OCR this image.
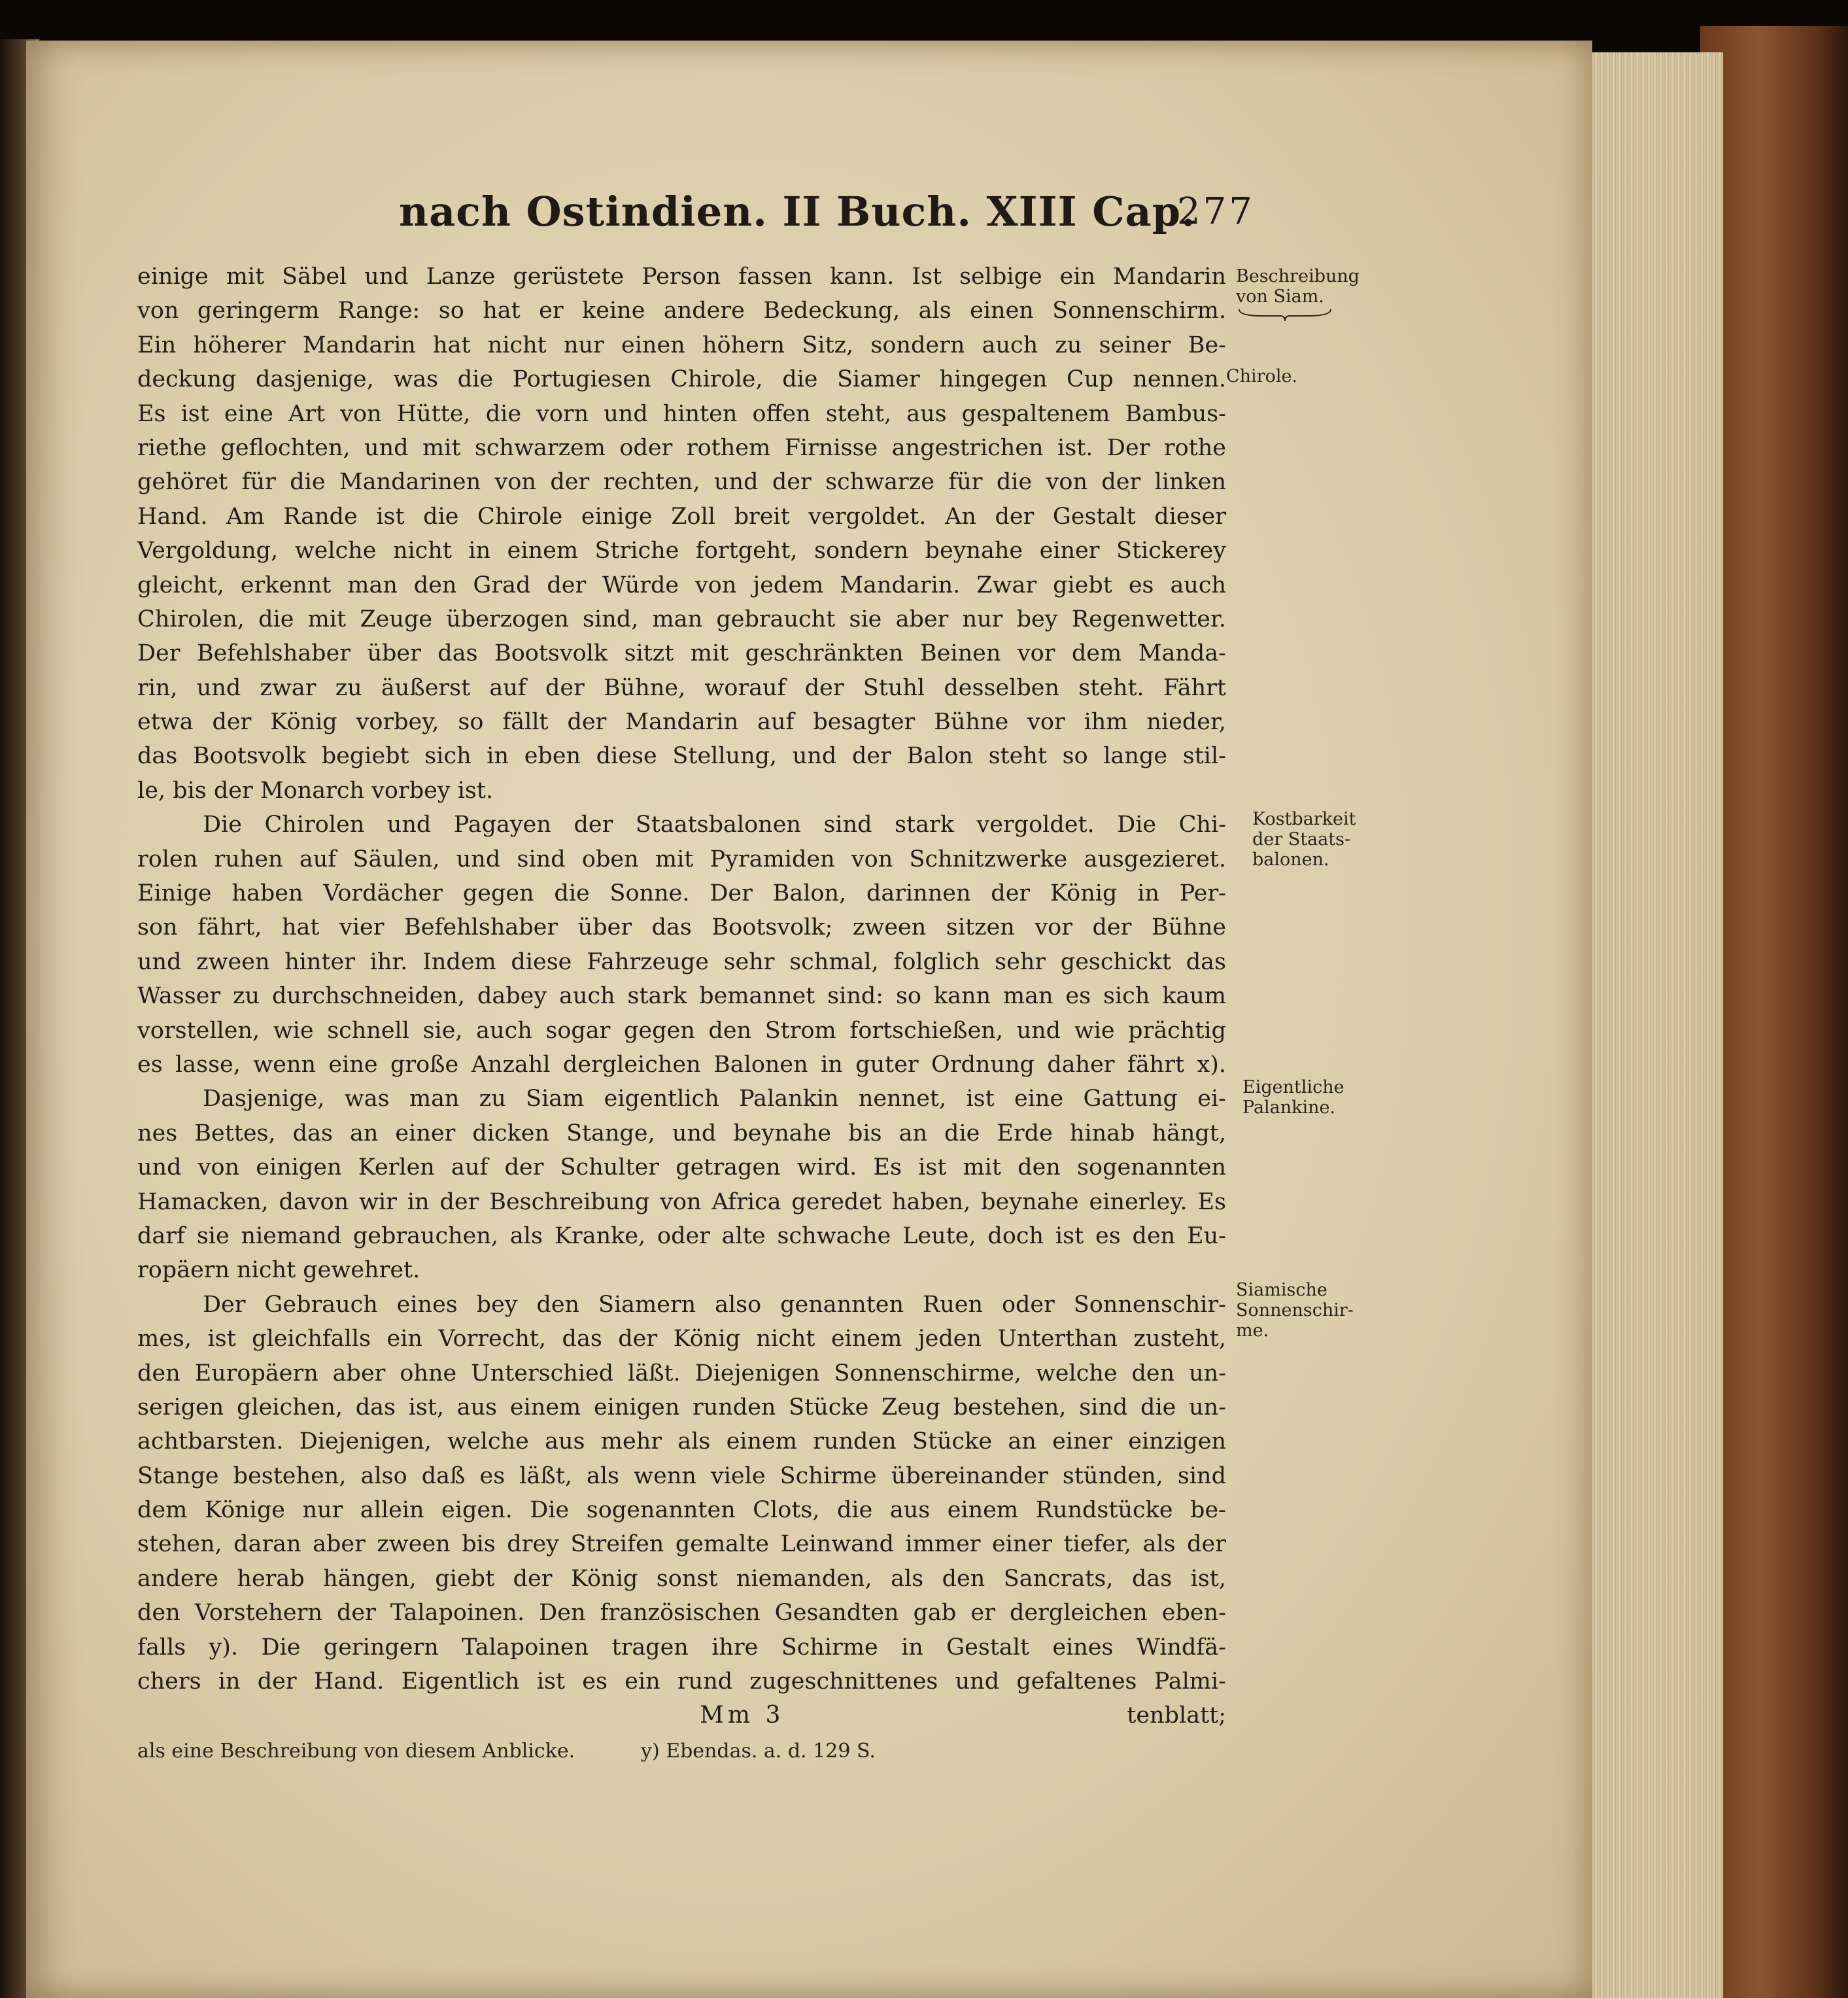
nach Ostindien. II Buch. XIII Cap.
277
einige mit Säbel und Lanze gerüstete Person fassen kann. Ist selbige ein Mandarin
von geringerm Range: so hat er keine andere Bedeckung, als einen Sonnenschirm.
Ein höherer Mandarin hat nicht nur einen höhern Sitz, sondern auch zu seiner Be-
deckung dasjenige, was die Portugiesen Chirole, die Siamer hingegen Cup nennen.
Es ist eine Art von Hütte, die vorn und hinten offen steht, aus gespaltenem Bambus-
riethe geflochten, und mit schwarzem oder rothem Firnisse angestrichen ist. Der rothe
gehöret für die Mandarinen von der rechten, und der schwarze für die von der linken
Hand. Am Rande ist die Chirole einige Zoll breit vergoldet. An der Gestalt dieser
Vergoldung, welche nicht in einem Striche fortgeht, sondern beynahe einer Stickerey
gleicht, erkennt man den Grad der Würde von jedem Mandarin. Zwar giebt es auch
Chirolen, die mit Zeuge überzogen sind, man gebraucht sie aber nur bey Regenwetter.
Der Befehlshaber über das Bootsvolk sitzt mit geschränkten Beinen vor dem Manda-
rin, und zwar zu äußerst auf der Bühne, worauf der Stuhl desselben steht. Fährt
etwa der König vorbey, so fällt der Mandarin auf besagter Bühne vor ihm nieder,
das Bootsvolk begiebt sich in eben diese Stellung, und der Balon steht so lange stil-
le, bis der Monarch vorbey ist.
Die Chirolen und Pagayen der Staatsbalonen sind stark vergoldet. Die Chi-
rolen ruhen auf Säulen, und sind oben mit Pyramiden von Schnitzwerke ausgezieret.
Einige haben Vordächer gegen die Sonne. Der Balon, darinnen der König in Per-
son fährt, hat vier Befehlshaber über das Bootsvolk; zween sitzen vor der Bühne
und zween hinter ihr. Indem diese Fahrzeuge sehr schmal, folglich sehr geschickt das
Wasser zu durchschneiden, dabey auch stark bemannet sind: so kann man es sich kaum
vorstellen, wie schnell sie, auch sogar gegen den Strom fortschießen, und wie prächtig
es lasse, wenn eine große Anzahl dergleichen Balonen in guter Ordnung daher fährt x).
Dasjenige, was man zu Siam eigentlich Palankin nennet, ist eine Gattung ei-
nes Bettes, das an einer dicken Stange, und beynahe bis an die Erde hinab hängt,
und von einigen Kerlen auf der Schulter getragen wird. Es ist mit den sogenannten
Hamacken, davon wir in der Beschreibung von Africa geredet haben, beynahe einerley. Es
darf sie niemand gebrauchen, als Kranke, oder alte schwache Leute, doch ist es den Eu-
ropäern nicht gewehret.
Der Gebrauch eines bey den Siamern also genannten Ruen oder Sonnenschir-
mes, ist gleichfalls ein Vorrecht, das der König nicht einem jeden Unterthan zusteht,
den Europäern aber ohne Unterschied läßt. Diejenigen Sonnenschirme, welche den un-
serigen gleichen, das ist, aus einem einigen runden Stücke Zeug bestehen, sind die un-
achtbarsten. Diejenigen, welche aus mehr als einem runden Stücke an einer einzigen
Stange bestehen, also daß es läßt, als wenn viele Schirme übereinander stünden, sind
dem Könige nur allein eigen. Die sogenannten Clots, die aus einem Rundstücke be-
stehen, daran aber zween bis drey Streifen gemalte Leinwand immer einer tiefer, als der
andere herab hängen, giebt der König sonst niemanden, als den Sancrats, das ist,
den Vorstehern der Talapoinen. Den französischen Gesandten gab er dergleichen eben-
falls y). Die geringern Talapoinen tragen ihre Schirme in Gestalt eines Windfä-
chers in der Hand. Eigentlich ist es ein rund zugeschnittenes und gefaltenes Palmi-
Mm 3	tenblatt;
als eine Beschreibung von diesem Anblicke.	y) Ebendas. a. d. 129 S.
Beschreibung
von Siam.
Chirole.
Kostbarkeit
der Staats-
balonen.
Eigentliche
Palankine.
Siamische
Sonnenschir-
me.
